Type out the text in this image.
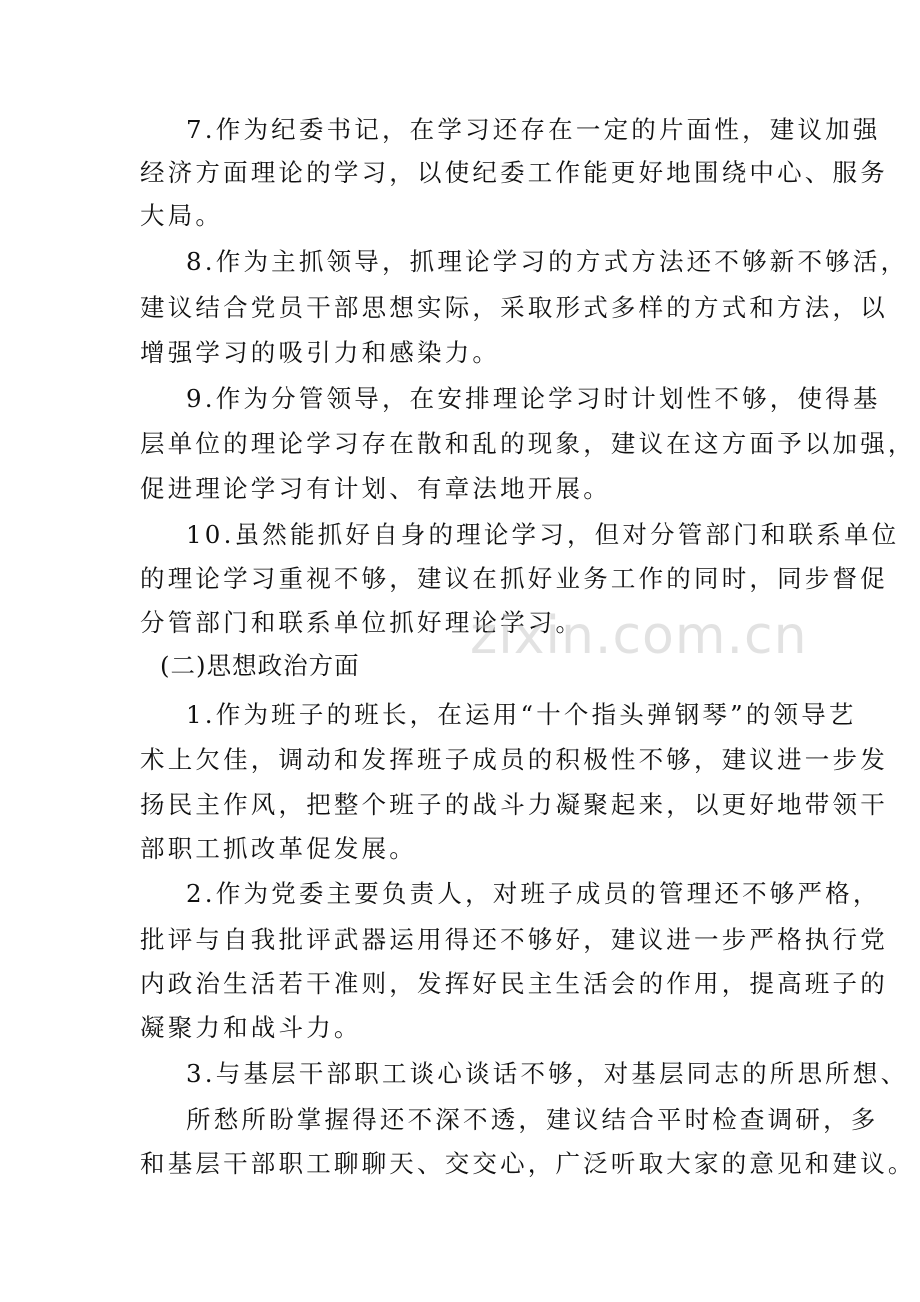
7.作为纪委书记，在学习还存在一定的片面性，建议加强

经济方面理论的学习，以使纪委工作能更好地围绕中心、服务

大局。

8.作为主抓领导，抓理论学习的方式方法还不够新不够活，

建议结合党员干部思想实际，采取形式多样的方式和方法，以

增强学习的吸引力和感染力。

9.作为分管领导，在安排理论学习时计划性不够，使得基

层单位的理论学习存在散和乱的现象，建议在这方面予以加强，

促进理论学习有计划、有章法地开展。

10.虽然能抓好自身的理论学习，但对分管部门和联系单位

的理论学习重视不够，建议在抓好业务工作的同时，同步督促

分管部门和联系单位抓好理论学习。

(二)思想政治方面

1.作为班子的班长，在运用“十个指头弹钢琴”的领导艺

术上欠佳，调动和发挥班子成员的积极性不够，建议进一步发

扬民主作风，把整个班子的战斗力凝聚起来，以更好地带领干

部职工抓改革促发展。

2.作为党委主要负责人，对班子成员的管理还不够严格，

批评与自我批评武器运用得还不够好，建议进一步严格执行党

内政治生活若干准则，发挥好民主生活会的作用，提高班子的

凝聚力和战斗力。

3.与基层干部职工谈心谈话不够，对基层同志的所思所想、

所愁所盼掌握得还不深不透，建议结合平时检查调研，多

和基层干部职工聊聊天、交交心，广泛听取大家的意见和建议。

zixin.com.cn
